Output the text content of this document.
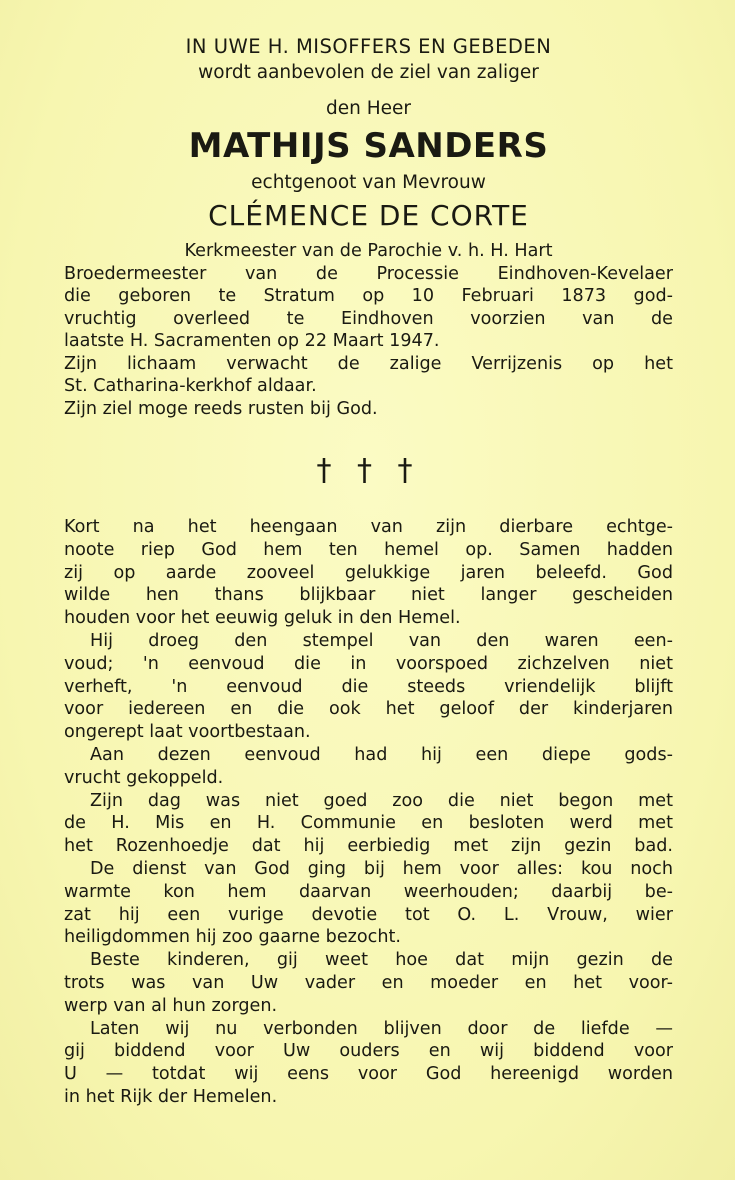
IN UWE H. MISOFFERS EN GEBEDEN
wordt aanbevolen de ziel van zaliger
den Heer
MATHIJS SANDERS
echtgenoot van Mevrouw
CLÉMENCE DE CORTE
Kerkmeester van de Parochie v. h. H. Hart
Broedermeester van de Processie Eindhoven-Kevelaer
die geboren te Stratum op 10 Februari 1873 god-
vruchtig overleed te Eindhoven voorzien van de
laatste H. Sacramenten op 22 Maart 1947.
Zijn lichaam verwacht de zalige Verrijzenis op het
St. Catharina-kerkhof aldaar.
Zijn ziel moge reeds rusten bij God.
† † †
Kort na het heengaan van zijn dierbare echtge-
noote riep God hem ten hemel op. Samen hadden
zij op aarde zooveel gelukkige jaren beleefd. God
wilde hen thans blijkbaar niet langer gescheiden
houden voor het eeuwig geluk in den Hemel.
Hij droeg den stempel van den waren een-
voud; 'n eenvoud die in voorspoed zichzelven niet
verheft, 'n eenvoud die steeds vriendelijk blijft
voor iedereen en die ook het geloof der kinderjaren
ongerept laat voortbestaan.
Aan dezen eenvoud had hij een diepe gods-
vrucht gekoppeld.
Zijn dag was niet goed zoo die niet begon met
de H. Mis en H. Communie en besloten werd met
het Rozenhoedje dat hij eerbiedig met zijn gezin bad.
De dienst van God ging bij hem voor alles: kou noch
warmte kon hem daarvan weerhouden; daarbij be-
zat hij een vurige devotie tot O. L. Vrouw, wier
heiligdommen hij zoo gaarne bezocht.
Beste kinderen, gij weet hoe dat mijn gezin de
trots was van Uw vader en moeder en het voor-
werp van al hun zorgen.
Laten wij nu verbonden blijven door de liefde —
gij biddend voor Uw ouders en wij biddend voor
U — totdat wij eens voor God hereenigd worden
in het Rijk der Hemelen.
